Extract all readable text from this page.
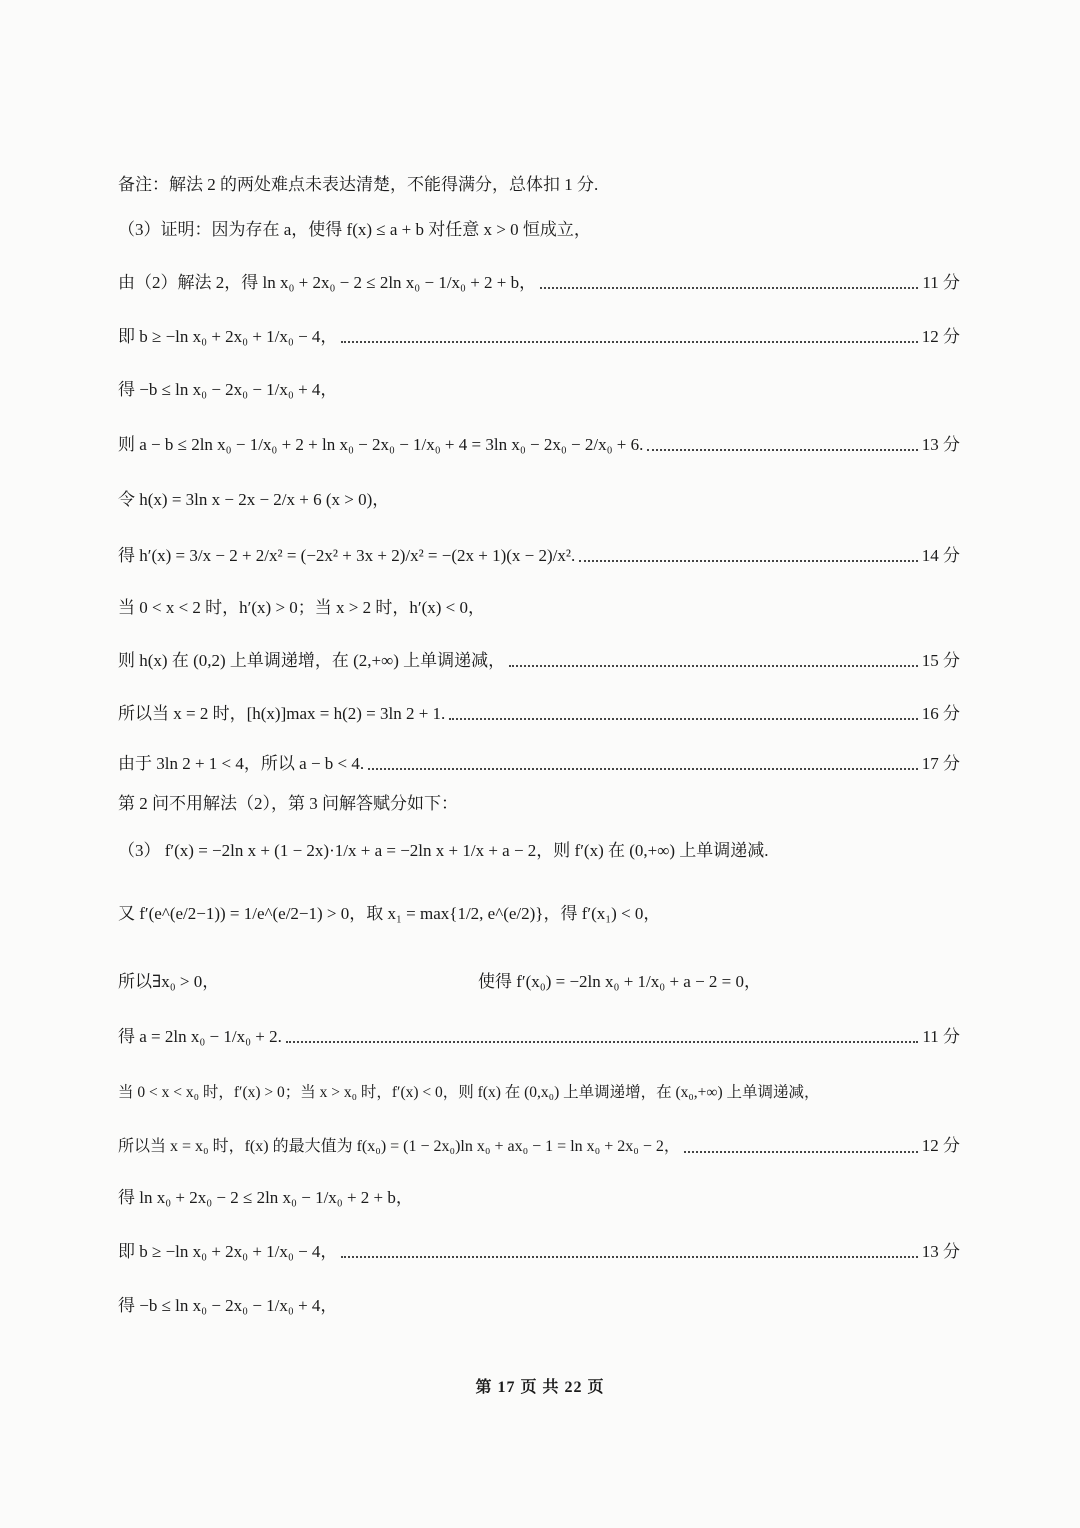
备注：解法 2 的两处难点未表达清楚，不能得满分，总体扣 1 分.
（3）证明：因为存在 a，使得 f(x) ≤ a + b 对任意 x > 0 恒成立，
由（2）解法 2，得 ln x₀ + 2x₀ − 2 ≤ 2ln x₀ − 1/x₀ + 2 + b，	11 分
即 b ≥ −ln x₀ + 2x₀ + 1/x₀ − 4，	12 分
得 −b ≤ ln x₀ − 2x₀ − 1/x₀ + 4，
则 a − b ≤ 2ln x₀ − 1/x₀ + 2 + ln x₀ − 2x₀ − 1/x₀ + 4 = 3ln x₀ − 2x₀ − 2/x₀ + 6.	13 分
令 h(x) = 3ln x − 2x − 2/x + 6 (x > 0)，
得 h′(x) = 3/x − 2 + 2/x² = (−2x² + 3x + 2)/x² = −(2x + 1)(x − 2)/x².	14 分
当 0 < x < 2 时，h′(x) > 0；当 x > 2 时，h′(x) < 0，
则 h(x) 在 (0,2) 上单调递增，在 (2,+∞) 上单调递减，	15 分
所以当 x = 2 时，[h(x)]max = h(2) = 3ln 2 + 1.	16 分
由于 3ln 2 + 1 < 4，所以 a − b < 4.	17 分
第 2 问不用解法（2），第 3 问解答赋分如下：
（3） f′(x) = −2ln x + (1 − 2x)·1/x + a = −2ln x + 1/x + a − 2，则 f′(x) 在 (0,+∞) 上单调递减.
又 f′(e^(e/2−1)) = 1/e^(e/2−1) > 0，取 x₁ = max{1/2, e^(e/2)}，得 f′(x₁) < 0，
所以∃x₀ > 0，	使得 f′(x₀) = −2ln x₀ + 1/x₀ + a − 2 = 0，
得 a = 2ln x₀ − 1/x₀ + 2.	11 分
当 0 < x < x₀ 时，f′(x) > 0；当 x > x₀ 时，f′(x) < 0，则 f(x) 在 (0,x₀) 上单调递增，在 (x₀,+∞) 上单调递减，
所以当 x = x₀ 时，f(x) 的最大值为 f(x₀) = (1 − 2x₀)ln x₀ + ax₀ − 1 = ln x₀ + 2x₀ − 2，	12 分
得 ln x₀ + 2x₀ − 2 ≤ 2ln x₀ − 1/x₀ + 2 + b，
即 b ≥ −ln x₀ + 2x₀ + 1/x₀ − 4，	13 分
得 −b ≤ ln x₀ − 2x₀ − 1/x₀ + 4，
第 17 页 共 22 页
